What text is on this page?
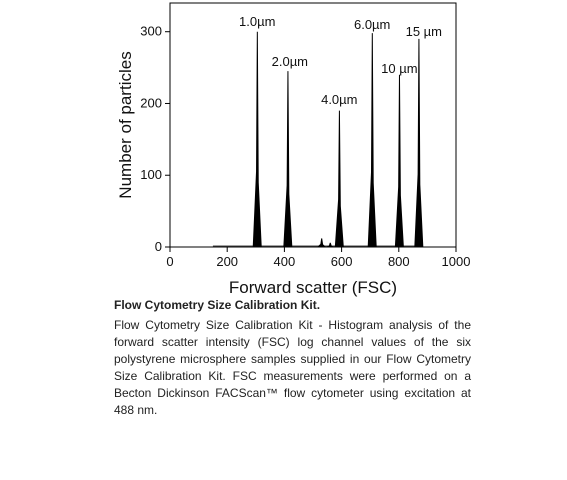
0	200	400	600	800 1000
0
100
200
300
Forward scatter (FSC)
Number of particles
1.0µm
2.0µm
4.0µm
6.0µm
10 µm
15 µm

Flow Cytometry Size Calibration Kit.

Flow Cytometry Size Calibration Kit - Histogram analysis of the forward scatter intensity (FSC) log channel values of the six polystyrene microsphere samples supplied in our Flow Cytometry Size Calibration Kit. FSC measurements were performed on a Becton Dickinson FACScan™ flow cytometer using excitation at 488 nm.
